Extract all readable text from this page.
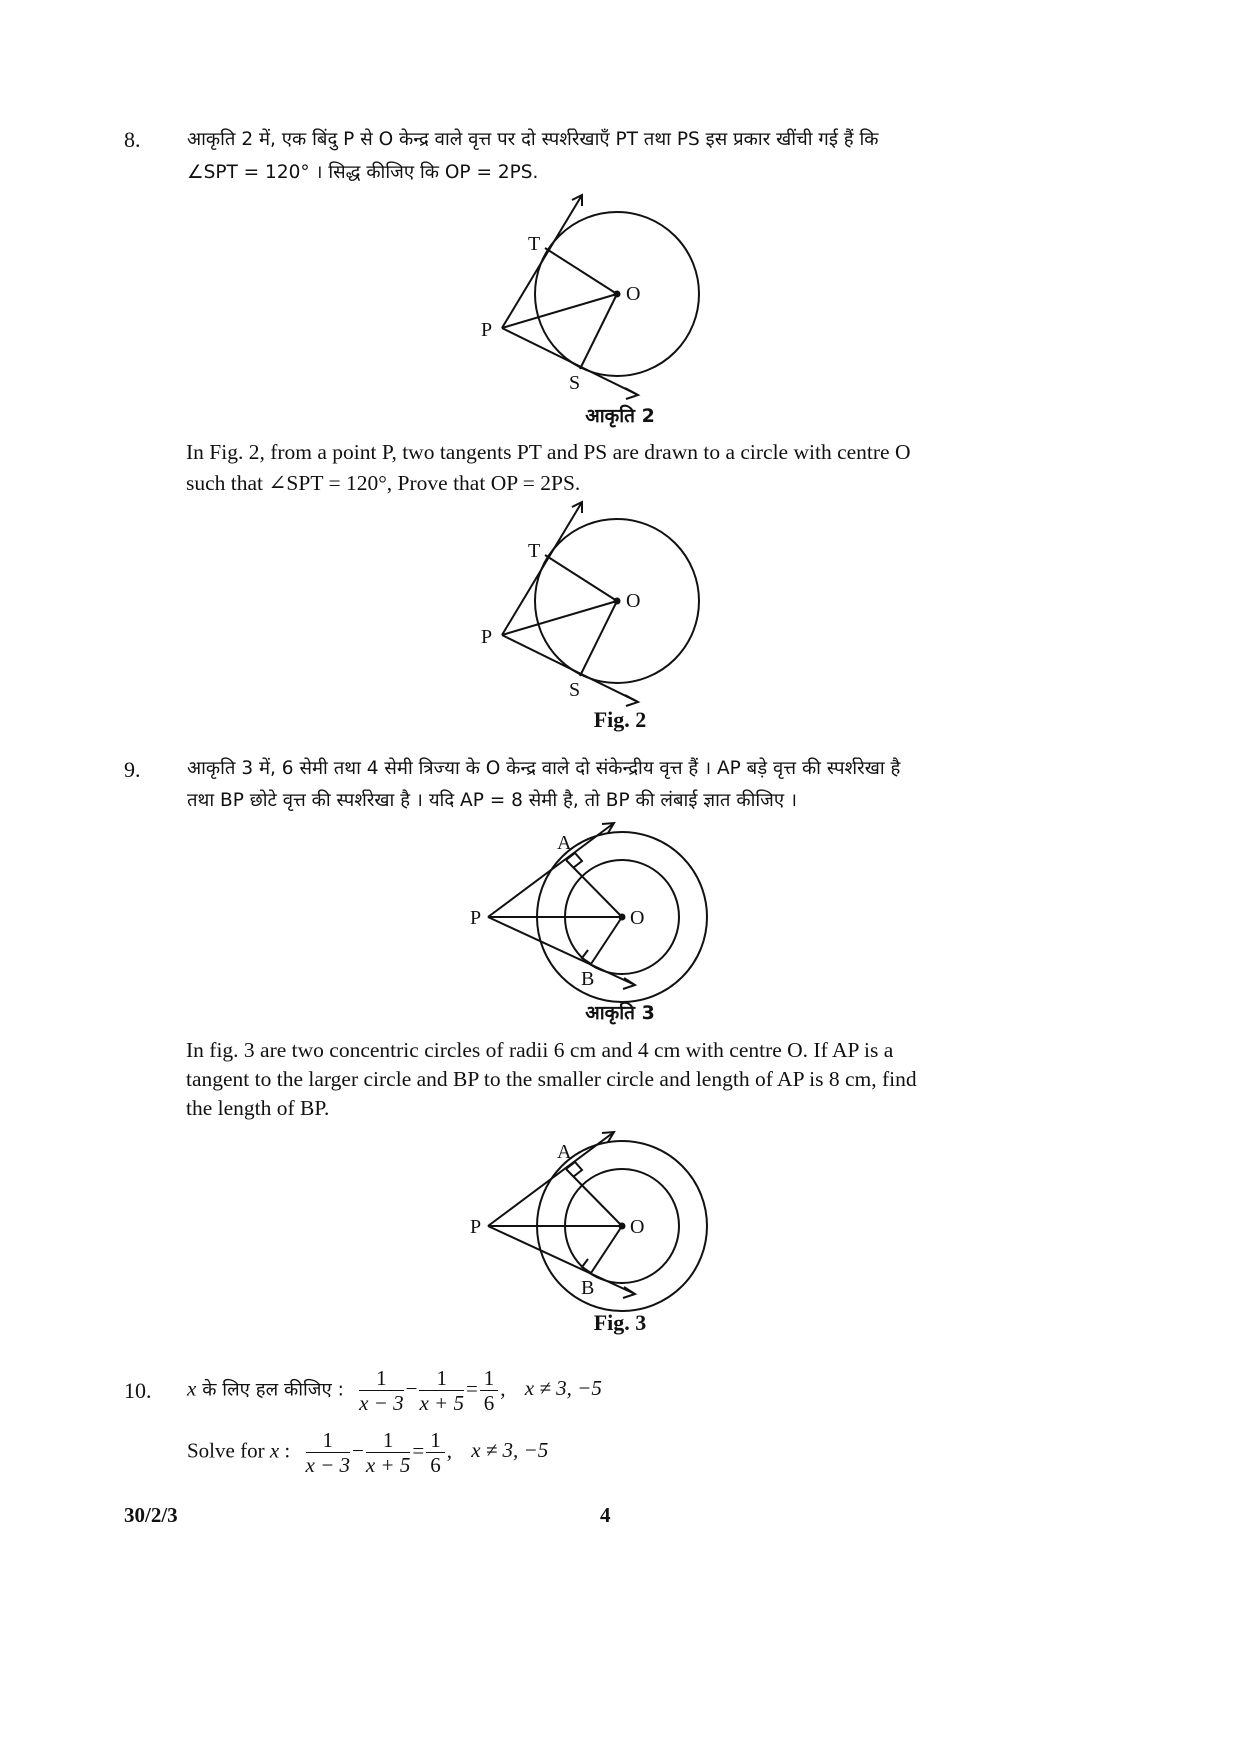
8.	आकृति 2 में, एक बिंदु P से O केन्द्र वाले वृत्त पर दो स्पर्शरेखाएँ PT तथा PS इस प्रकार खींची गई हैं कि
∠SPT = 120° । सिद्ध कीजिए कि OP = 2PS.
T
O
P
S
आकृति 2
In Fig. 2, from a point P, two tangents PT and PS are drawn to a circle with centre O
such that ∠SPT = 120°, Prove that OP = 2PS.
T
O
P
S
Fig. 2
9.	आकृति 3 में, 6 सेमी तथा 4 सेमी त्रिज्या के O केन्द्र वाले दो संकेन्द्रीय वृत्त हैं । AP बड़े वृत्त की स्पर्शरेखा है
तथा BP छोटे वृत्त की स्पर्शरेखा है । यदि AP = 8 सेमी है, तो BP की लंबाई ज्ञात कीजिए ।
A
O
P
B
आकृति 3
In fig. 3 are two concentric circles of radii 6 cm and 4 cm with centre O. If AP is a
tangent to the larger circle and BP to the smaller circle and length of AP is 8 cm, find
the length of BP.
A
O
P
B
Fig. 3
10. x के लिए हल कीजिए : $\frac{1}{x - 3} - \frac{1}{x + 5} = \frac{1}{6}$ , x ≠ 3, −5
Solve for x : $\frac{1}{x - 3} - \frac{1}{x + 5} = \frac{1}{6}$ , x ≠ 3, −5
30/2/3	4
